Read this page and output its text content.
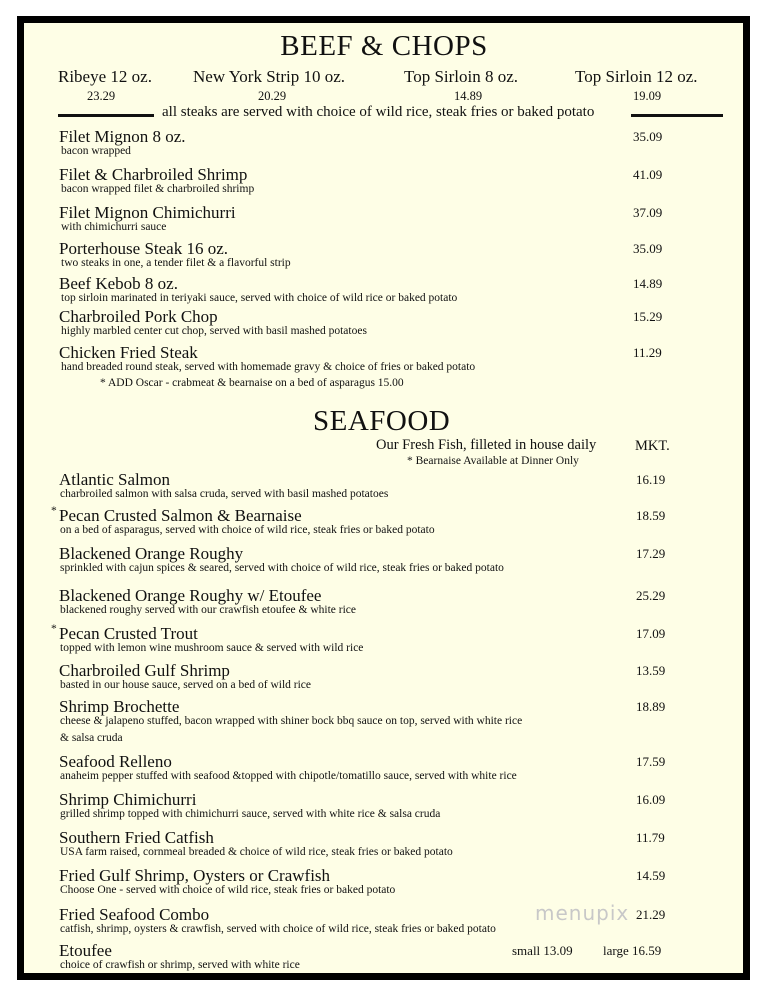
BEEF & CHOPS
Ribeye 12 oz.
23.29
New York Strip 10 oz.
20.29
Top Sirloin 8 oz.
14.89
Top Sirloin 12 oz.
19.09
all steaks are served with choice of wild rice, steak fries or baked potato
Filet Mignon 8 oz.
bacon wrapped
35.09
Filet & Charbroiled Shrimp
bacon wrapped filet & charbroiled shrimp
41.09
Filet Mignon Chimichurri
with chimichurri sauce
37.09
Porterhouse Steak 16 oz.
two steaks in one, a tender filet & a flavorful strip
35.09
Beef Kebob 8 oz.
top sirloin marinated in teriyaki sauce, served with choice of wild rice or baked potato
14.89
Charbroiled Pork Chop
highly marbled center cut chop, served with basil mashed potatoes
15.29
Chicken Fried Steak
hand breaded round steak, served with homemade gravy & choice of fries or baked potato
11.29
* ADD Oscar - crabmeat & bearnaise on a bed of asparagus 15.00
SEAFOOD
Our Fresh Fish, filleted in house daily	MKT.
* Bearnaise Available at Dinner Only
Atlantic Salmon
charbroiled salmon with salsa cruda, served with basil mashed potatoes
16.19
* Pecan Crusted Salmon & Bearnaise
on a bed of asparagus, served with choice of wild rice, steak fries or baked potato
18.59
Blackened Orange Roughy
sprinkled with cajun spices & seared, served with choice of wild rice, steak fries or baked potato
17.29
Blackened Orange Roughy w/ Etoufee
blackened roughy served with our crawfish etoufee & white rice
25.29
* Pecan Crusted Trout
topped with lemon wine mushroom sauce & served with wild rice
17.09
Charbroiled Gulf Shrimp
basted in our house sauce, served on a bed of wild rice
13.59
Shrimp Brochette
cheese & jalapeno stuffed, bacon wrapped with shiner bock bbq sauce on top, served with white rice
& salsa cruda
18.89
Seafood Relleno
anaheim pepper stuffed with seafood &topped with chipotle/tomatillo sauce, served with white rice
17.59
Shrimp Chimichurri
grilled shrimp topped with chimichurri sauce, served with white rice & salsa cruda
16.09
Southern Fried Catfish
USA farm raised, cornmeal breaded & choice of wild rice, steak fries or baked potato
11.79
Fried Gulf Shrimp, Oysters or Crawfish
Choose One - served with choice of wild rice, steak fries or baked potato
14.59
Fried Seafood Combo
catfish, shrimp, oysters & crawfish, served with choice of wild rice, steak fries or baked potato
21.29
Etoufee
choice of crawfish or shrimp, served with white rice
small 13.09 large 16.59
menupix
